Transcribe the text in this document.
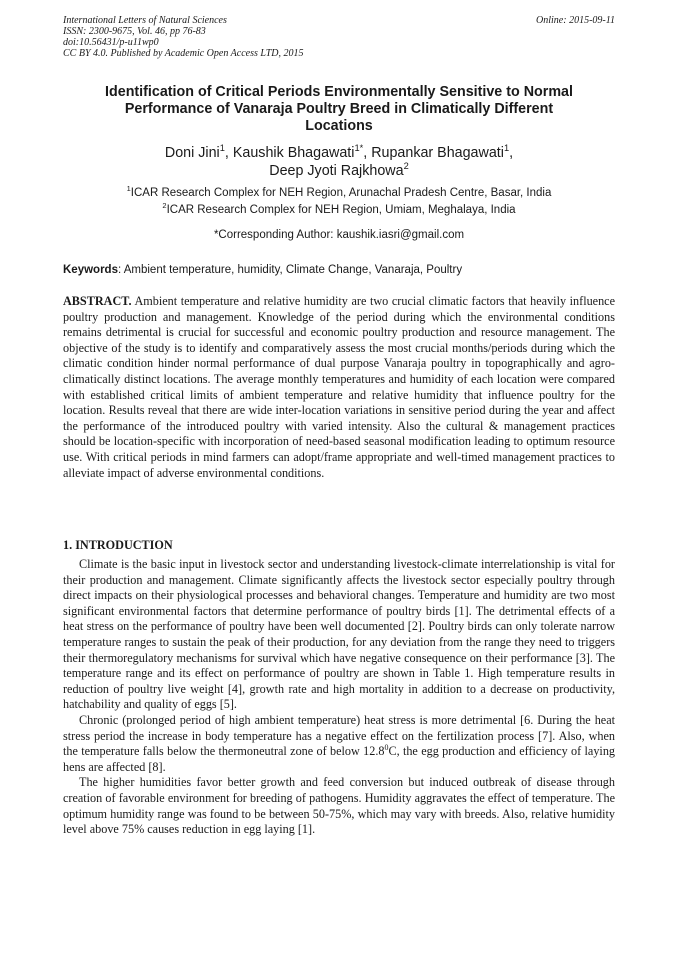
International Letters of Natural Sciences
ISSN: 2300-9675, Vol. 46, pp 76-83
doi:10.56431/p-u11wp0
CC BY 4.0. Published by Academic Open Access LTD, 2015
Online: 2015-09-11
Identification of Critical Periods Environmentally Sensitive to Normal
Performance of Vanaraja Poultry Breed in Climatically Different
Locations
Doni Jini$^1$, Kaushik Bhagawati$^{1*}$, Rupankar Bhagawati$^1$,
Deep Jyoti Rajkhowa$^2$
$^1$ICAR Research Complex for NEH Region, Arunachal Pradesh Centre, Basar, India
$^2$ICAR Research Complex for NEH Region, Umiam, Meghalaya, India
*Corresponding Author: kaushik.iasri@gmail.com
Keywords: Ambient temperature, humidity, Climate Change, Vanaraja, Poultry
ABSTRACT. Ambient temperature and relative humidity are two crucial climatic factors that heavily influence poultry production and management. Knowledge of the period during which the environmental conditions remains detrimental is crucial for successful and economic poultry production and resource management. The objective of the study is to identify and comparatively assess the most crucial months/periods during which the climatic condition hinder normal performance of dual purpose Vanaraja poultry in topographically and agro-climatically distinct locations. The average monthly temperatures and humidity of each location were compared with established critical limits of ambient temperature and relative humidity that influence poultry for the location. Results reveal that there are wide inter-location variations in sensitive period during the year and affect the performance of the introduced poultry with varied intensity. Also the cultural & management practices should be location-specific with incorporation of need-based seasonal modification leading to optimum resource use. With critical periods in mind farmers can adopt/frame appropriate and well-timed management practices to alleviate impact of adverse environmental conditions.
1. INTRODUCTION

Climate is the basic input in livestock sector and understanding livestock-climate interrelationship is vital for their production and management. Climate significantly affects the livestock sector especially poultry through direct impacts on their physiological processes and behavioral changes. Temperature and humidity are two most significant environmental factors that determine performance of poultry birds [1]. The detrimental effects of a heat stress on the performance of poultry have been well documented [2]. Poultry birds can only tolerate narrow temperature ranges to sustain the peak of their production, for any deviation from the range they need to triggers their thermoregulatory mechanisms for survival which have negative consequence on their performance [3]. The temperature range and its effect on performance of poultry are shown in Table 1. High temperature results in reduction of poultry live weight [4], growth rate and high mortality in addition to a decrease on productivity, hatchability and quality of eggs [5].

Chronic (prolonged period of high ambient temperature) heat stress is more detrimental [6. During the heat stress period the increase in body temperature has a negative effect on the fertilization process [7]. Also, when the temperature falls below the thermoneutral zone of below 12.8$^0$C, the egg production and efficiency of laying hens are affected [8].

The higher humidities favor better growth and feed conversion but induced outbreak of disease through creation of favorable environment for breeding of pathogens. Humidity aggravates the effect of temperature. The optimum humidity range was found to be between 50-75%, which may vary with breeds. Also, relative humidity level above 75% causes reduction in egg laying [1].
